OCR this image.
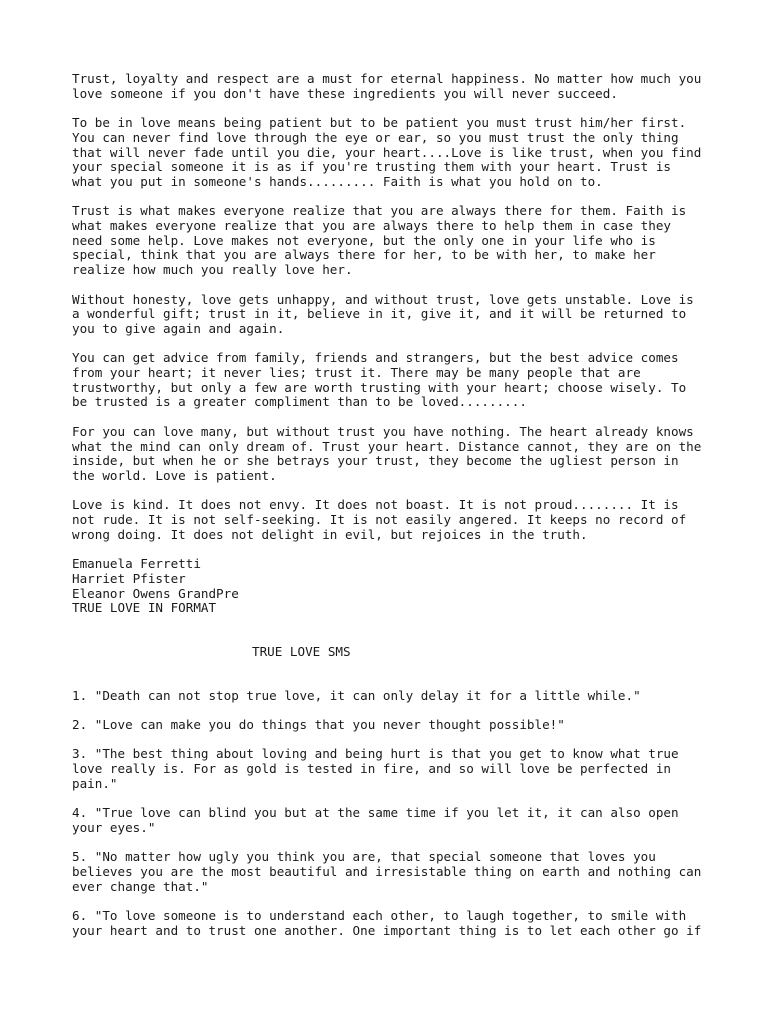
Trust, loyalty and respect are a must for eternal happiness. No matter how much you
love someone if you don't have these ingredients you will never succeed.
To be in love means being patient but to be patient you must trust him/her first.
You can never find love through the eye or ear, so you must trust the only thing
that will never fade until you die, your heart....Love is like trust, when you find
your special someone it is as if you're trusting them with your heart. Trust is
what you put in someone's hands......... Faith is what you hold on to.
Trust is what makes everyone realize that you are always there for them. Faith is
what makes everyone realize that you are always there to help them in case they
need some help. Love makes not everyone, but the only one in your life who is
special, think that you are always there for her, to be with her, to make her
realize how much you really love her.
Without honesty, love gets unhappy, and without trust, love gets unstable. Love is
a wonderful gift; trust in it, believe in it, give it, and it will be returned to
you to give again and again.
You can get advice from family, friends and strangers, but the best advice comes
from your heart; it never lies; trust it. There may be many people that are
trustworthy, but only a few are worth trusting with your heart; choose wisely. To
be trusted is a greater compliment than to be loved.........
For you can love many, but without trust you have nothing. The heart already knows
what the mind can only dream of. Trust your heart. Distance cannot, they are on the
inside, but when he or she betrays your trust, they become the ugliest person in
the world. Love is patient.
Love is kind. It does not envy. It does not boast. It is not proud........ It is
not rude. It is not self-seeking. It is not easily angered. It keeps no record of
wrong doing. It does not delight in evil, but rejoices in the truth.
Emanuela Ferretti
Harriet Pfister
Eleanor Owens GrandPre
TRUE LOVE IN FORMAT
TRUE LOVE SMS
1. "Death can not stop true love, it can only delay it for a little while."
2. "Love can make you do things that you never thought possible!"
3. "The best thing about loving and being hurt is that you get to know what true
love really is. For as gold is tested in fire, and so will love be perfected in
pain."
4. "True love can blind you but at the same time if you let it, it can also open
your eyes."
5. "No matter how ugly you think you are, that special someone that loves you
believes you are the most beautiful and irresistable thing on earth and nothing can
ever change that."
6. "To love someone is to understand each other, to laugh together, to smile with
your heart and to trust one another. One important thing is to let each other go if
